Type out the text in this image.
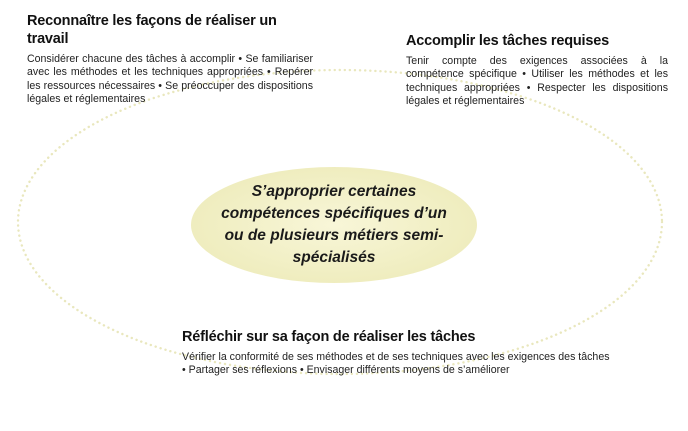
Reconnaître les façons de réaliser un travail

Considérer chacune des tâches à accomplir • Se familiariser avec les méthodes et les techniques appropriées • Repérer les ressources nécessaires • Se préoccuper des dispositions légales et réglementaires

Accomplir les tâches requises

Tenir compte des exigences associées à la compétence spécifique • Utiliser les méthodes et les techniques appropriées • Respecter les dispositions légales et réglementaires

S’approprier certaines compétences spécifiques d’un ou de plusieurs métiers semi-spécialisés

Réfléchir sur sa façon de réaliser les tâches

Vérifier la conformité de ses méthodes et de ses techniques avec les exigences des tâches

• Partager ses réflexions • Envisager différents moyens de s’améliorer
